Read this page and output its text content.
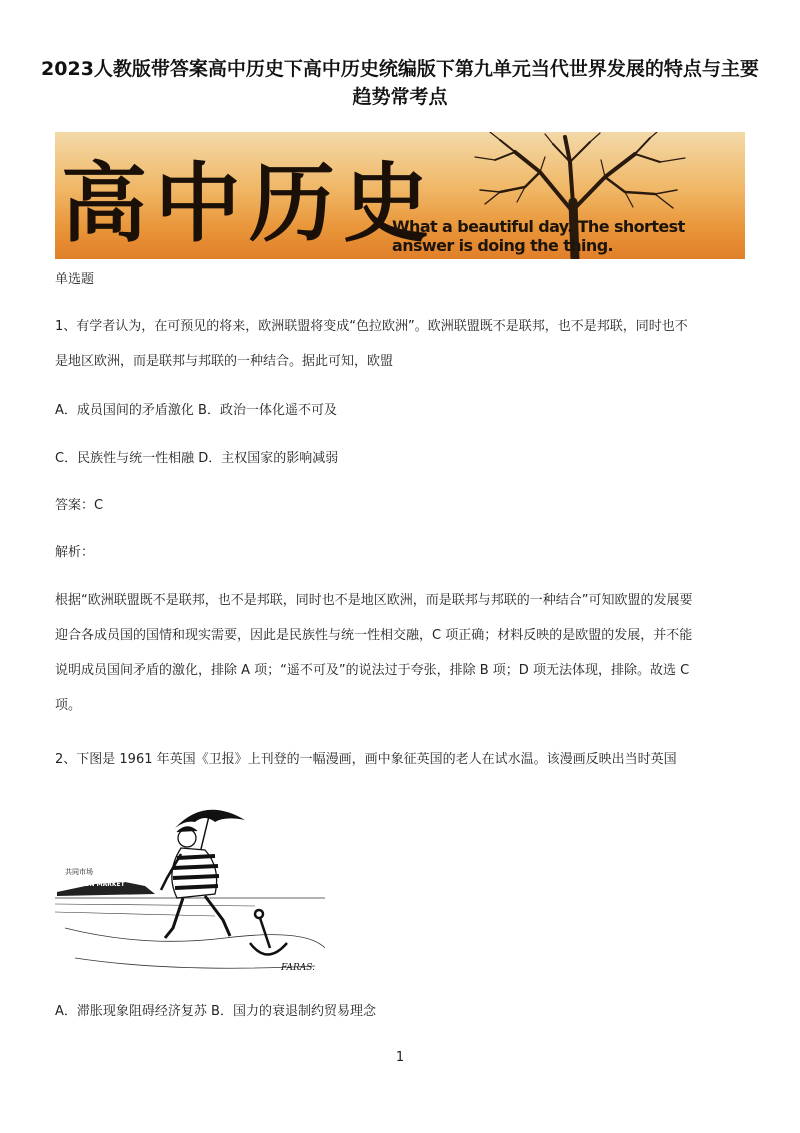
2023人教版带答案高中历史下高中历史统编版下第九单元当代世界发展的特点与主要趋势常考点
高中历史
What a beautiful day. The shortest answer is doing the thing.
单选题
1、有学者认为，在可预见的将来，欧洲联盟将变成“色拉欧洲”。欧洲联盟既不是联邦，也不是邦联，同时也不
是地区欧洲，而是联邦与邦联的一种结合。据此可知，欧盟
A．成员国间的矛盾激化 B．政治一体化遥不可及
C．民族性与统一性相融 D．主权国家的影响减弱
答案：C
解析：
根据“欧洲联盟既不是联邦，也不是邦联，同时也不是地区欧洲，而是联邦与邦联的一种结合”可知欧盟的发展要
迎合各成员国的国情和现实需要，因此是民族性与统一性相交融，C 项正确；材料反映的是欧盟的发展，并不能
说明成员国间矛盾的激化，排除 A 项；“遥不可及”的说法过于夸张，排除 B 项；D 项无法体现，排除。故选 C
项。
2、下图是 1961 年英国《卫报》上刊登的一幅漫画，画中象征英国的老人在试水温。该漫画反映出当时英国
共同市场
COMMON MARKET
FARAS.
A．滞胀现象阻碍经济复苏 B．国力的衰退制约贸易理念
1
